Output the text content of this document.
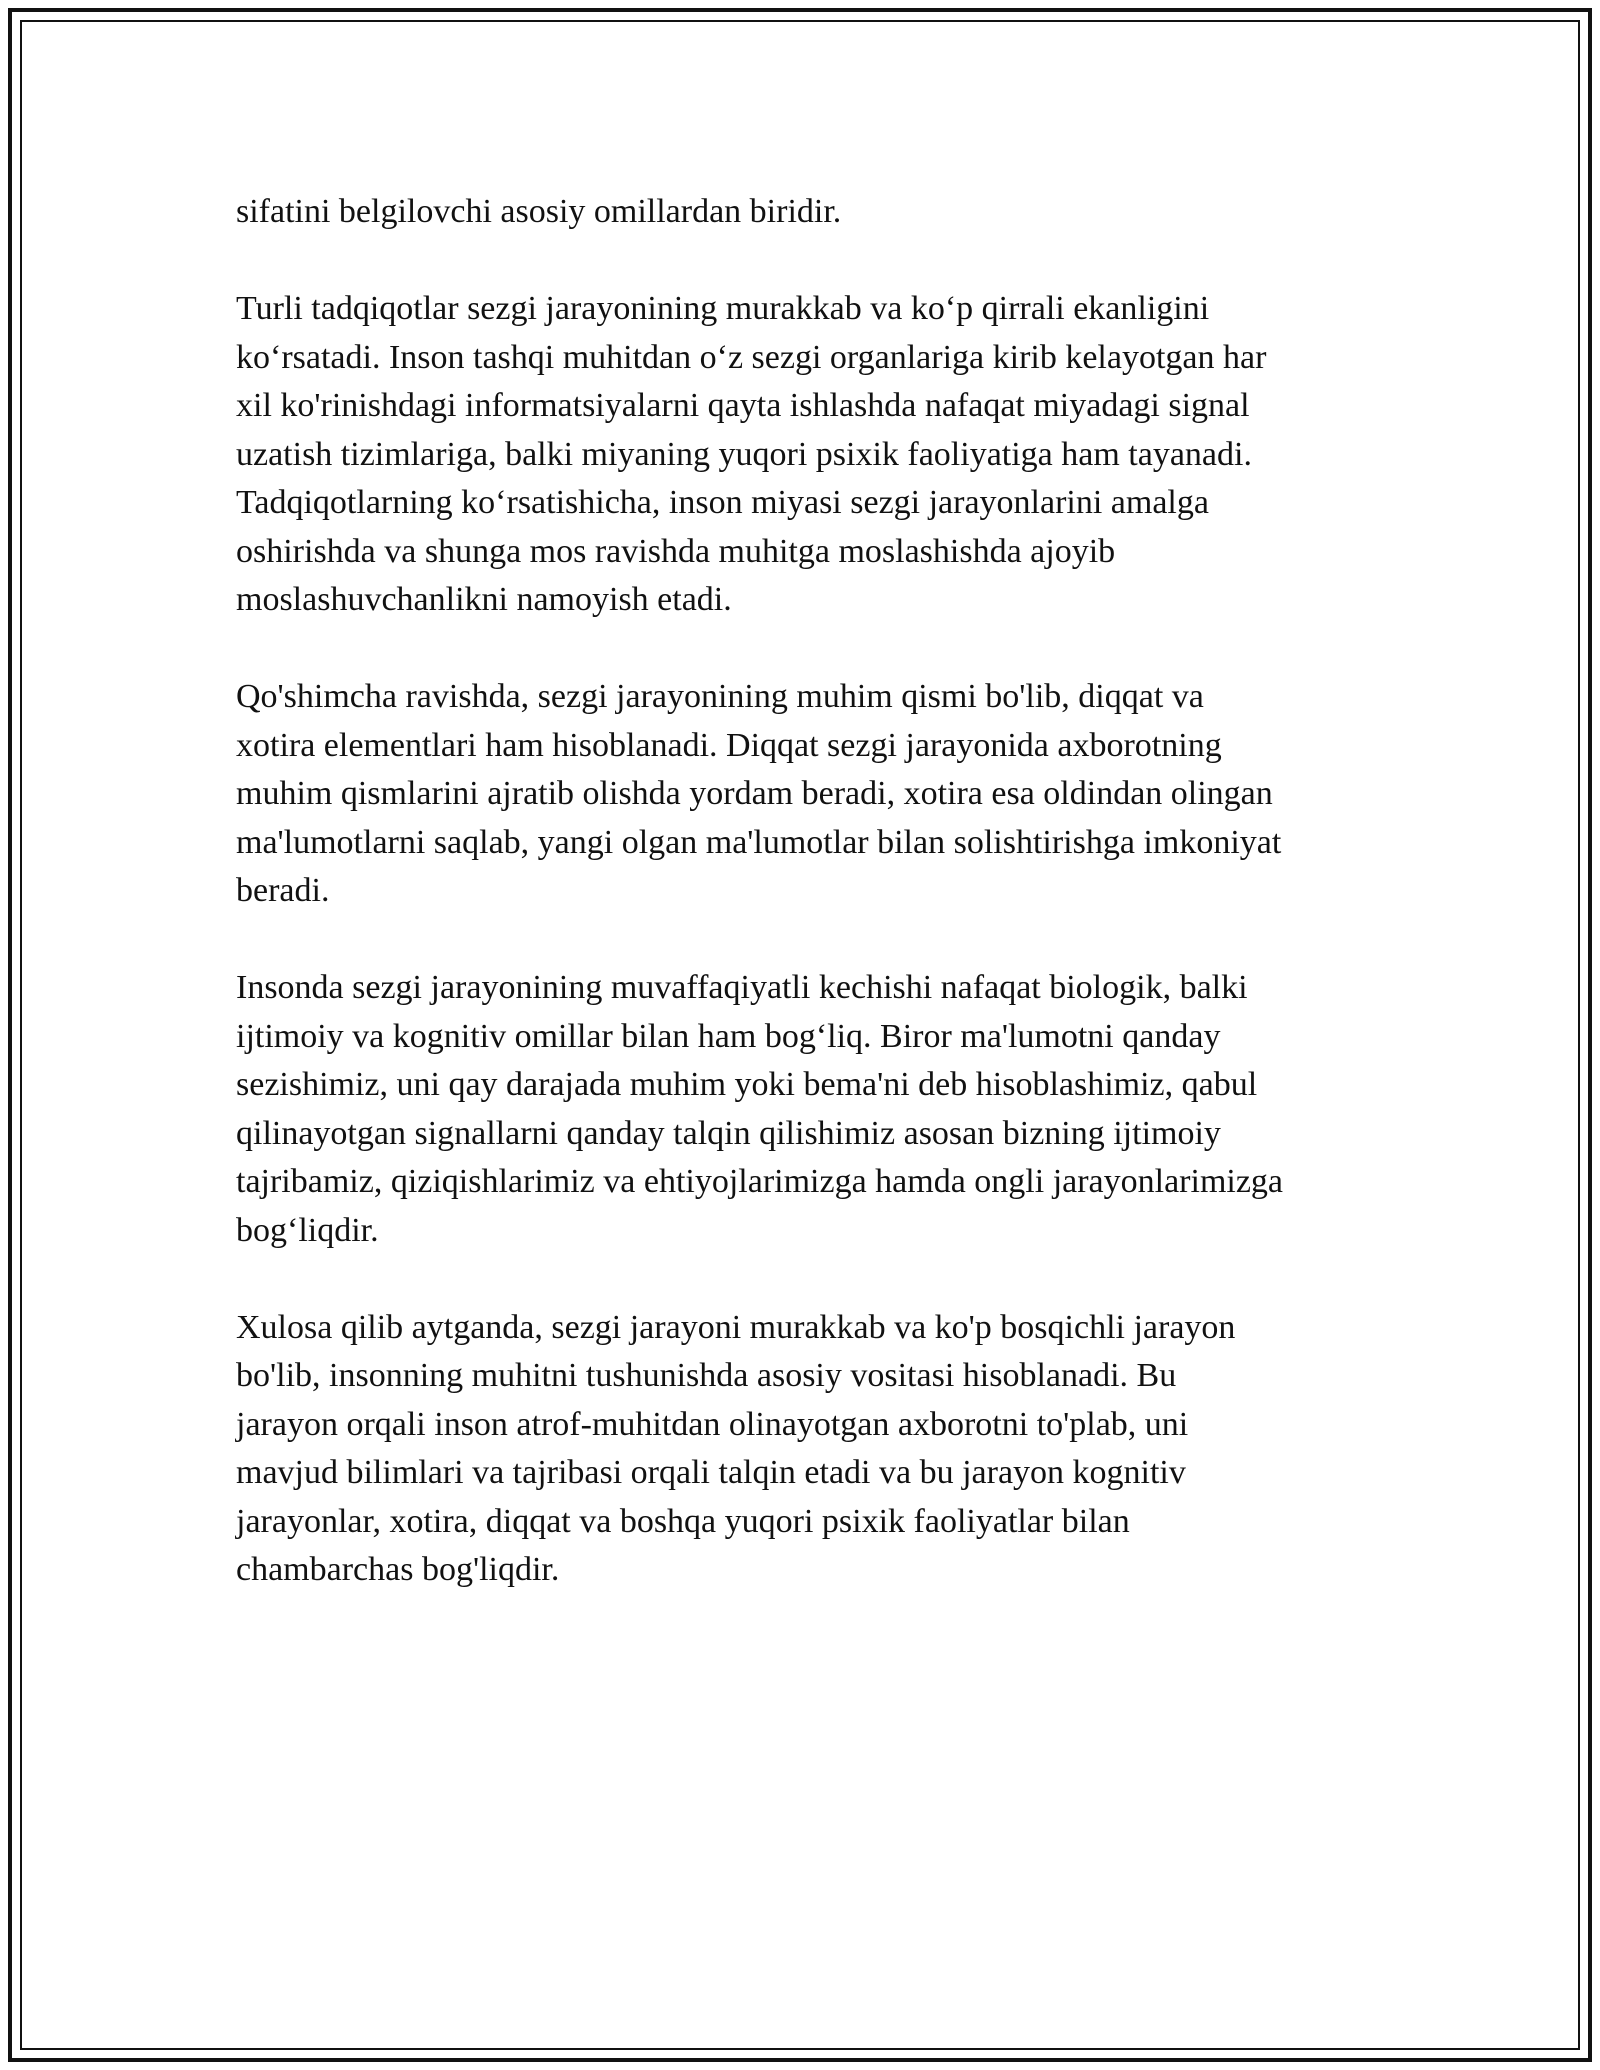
sifatini belgilovchi asosiy omillardan biridir.

Turli tadqiqotlar sezgi jarayonining murakkab va koʻp qirrali ekanligini
koʻrsatadi. Inson tashqi muhitdan oʻz sezgi organlariga kirib kelayotgan har
xil ko'rinishdagi informatsiyalarni qayta ishlashda nafaqat miyadagi signal
uzatish tizimlariga, balki miyaning yuqori psixik faoliyatiga ham tayanadi.
Tadqiqotlarning koʻrsatishicha, inson miyasi sezgi jarayonlarini amalga
oshirishda va shunga mos ravishda muhitga moslashishda ajoyib
moslashuvchanlikni namoyish etadi.

Qo'shimcha ravishda, sezgi jarayonining muhim qismi bo'lib, diqqat va
xotira elementlari ham hisoblanadi. Diqqat sezgi jarayonida axborotning
muhim qismlarini ajratib olishda yordam beradi, xotira esa oldindan olingan
ma'lumotlarni saqlab, yangi olgan ma'lumotlar bilan solishtirishga imkoniyat
beradi.

Insonda sezgi jarayonining muvaffaqiyatli kechishi nafaqat biologik, balki
ijtimoiy va kognitiv omillar bilan ham bogʻliq. Biror ma'lumotni qanday
sezishimiz, uni qay darajada muhim yoki bema'ni deb hisoblashimiz, qabul
qilinayotgan signallarni qanday talqin qilishimiz asosan bizning ijtimoiy
tajribamiz, qiziqishlarimiz va ehtiyojlarimizga hamda ongli jarayonlarimizga
bogʻliqdir.

Xulosa qilib aytganda, sezgi jarayoni murakkab va ko'p bosqichli jarayon
bo'lib, insonning muhitni tushunishda asosiy vositasi hisoblanadi. Bu
jarayon orqali inson atrof-muhitdan olinayotgan axborotni to'plab, uni
mavjud bilimlari va tajribasi orqali talqin etadi va bu jarayon kognitiv
jarayonlar, xotira, diqqat va boshqa yuqori psixik faoliyatlar bilan
chambarchas bog'liqdir.
